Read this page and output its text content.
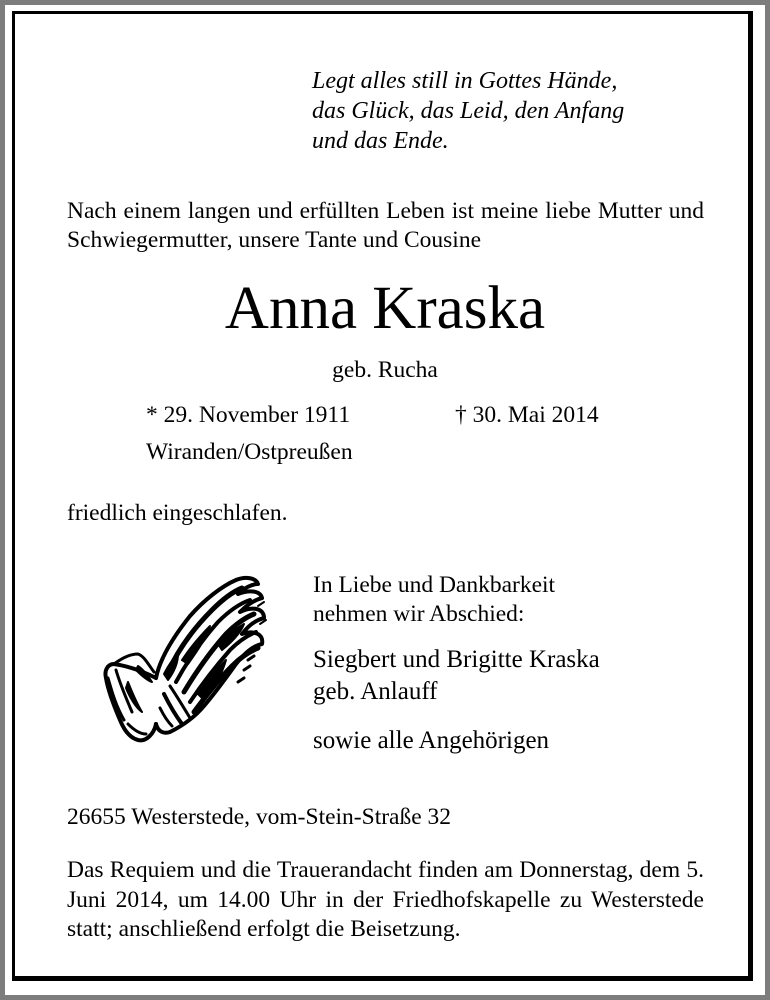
Legt alles still in Gottes Hände,
das Glück, das Leid, den Anfang
und das Ende.
Nach einem langen und erfüllten Leben ist meine liebe Mutter und Schwiegermutter, unsere Tante und Cousine
Anna Kraska
geb. Rucha
* 29. November 1911	† 30. Mai 2014
Wiranden/Ostpreußen
friedlich eingeschlafen.
In Liebe und Dankbarkeit
nehmen wir Abschied:
Siegbert und Brigitte Kraska
geb. Anlauff
sowie alle Angehörigen
26655 Westerstede, vom-Stein-Straße 32
Das Requiem und die Trauerandacht finden am Donnerstag, dem 5. Juni 2014, um 14.00 Uhr in der Friedhofskapelle zu Westerstede statt; anschließend erfolgt die Beisetzung.
